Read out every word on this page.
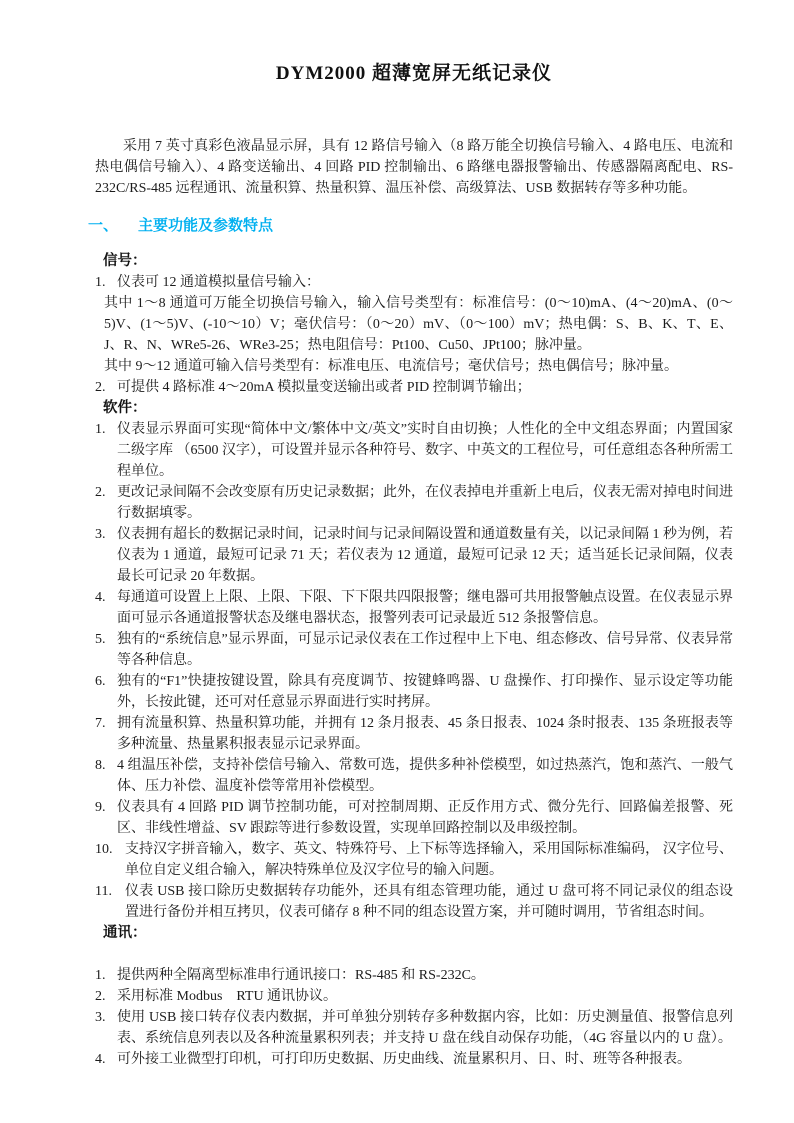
DYM2000 超薄宽屏无纸记录仪

采用 7 英寸真彩色液晶显示屏，具有 12 路信号输入（8 路万能全切换信号输入、4 路电压、电流和热电偶信号输入）、4 路变送输出、4 回路 PID 控制输出、6 路继电器报警输出、传感器隔离配电、RS-232C/RS-485 远程通讯、流量积算、热量积算、温压补偿、高级算法、USB 数据转存等多种功能。

一、 主要功能及参数特点
信号：
1. 仪表可 12 通道模拟量信号输入：

其中 1～8 通道可万能全切换信号输入，输入信号类型有：标准信号：(0～10)mA、(4～20)mA、(0～5)V、(1～5)V、(-10～10）V；毫伏信号：（0～20）mV、（0～100）mV；热电偶：S、B、K、T、E、J、R、N、WRe5-26、WRe3-25；热电阻信号：Pt100、Cu50、JPt100；脉冲量。

其中 9～12 通道可输入信号类型有：标准电压、电流信号；毫伏信号；热电偶信号；脉冲量。

2. 可提供 4 路标准 4～20mA 模拟量变送输出或者 PID 控制调节输出；
软件：
1. 仪表显示界面可实现“简体中文/繁体中文/英文”实时自由切换；人性化的全中文组态界面；内置国家二级字库 （6500 汉字），可设置并显示各种符号、数字、中英文的工程位号，可任意组态各种所需工程单位。
2. 更改记录间隔不会改变原有历史记录数据；此外，在仪表掉电并重新上电后，仪表无需对掉电时间进行数据填零。
3. 仪表拥有超长的数据记录时间，记录时间与记录间隔设置和通道数量有关，以记录间隔 1 秒为例，若仪表为 1 通道，最短可记录 71 天；若仪表为 12 通道，最短可记录 12 天；适当延长记录间隔，仪表最长可记录 20 年数据。
4. 每通道可设置上上限、上限、下限、下下限共四限报警；继电器可共用报警触点设置。在仪表显示界面可显示各通道报警状态及继电器状态，报警列表可记录最近 512 条报警信息。
5. 独有的“系统信息”显示界面，可显示记录仪表在工作过程中上下电、组态修改、信号异常、仪表异常等各种信息。
6. 独有的“F1”快捷按键设置，除具有亮度调节、按键蜂鸣器、U 盘操作、打印操作、显示设定等功能外，长按此键，还可对任意显示界面进行实时拷屏。
7. 拥有流量积算、热量积算功能，并拥有 12 条月报表、45 条日报表、1024 条时报表、135 条班报表等多种流量、热量累积报表显示记录界面。
8. 4 组温压补偿，支持补偿信号输入、常数可选，提供多种补偿模型，如过热蒸汽，饱和蒸汽、一般气体、压力补偿、温度补偿等常用补偿模型。
9. 仪表具有 4 回路 PID 调节控制功能，可对控制周期、正反作用方式、微分先行、回路偏差报警、死区、非线性增益、SV 跟踪等进行参数设置，实现单回路控制以及串级控制。
10. 支持汉字拼音输入，数字、英文、特殊符号、上下标等选择输入，采用国际标准编码， 汉字位号、单位自定义组合输入，解决特殊单位及汉字位号的输入问题。
11. 仪表 USB 接口除历史数据转存功能外，还具有组态管理功能，通过 U 盘可将不同记录仪的组态设置进行备份并相互拷贝，仪表可储存 8 种不同的组态设置方案，并可随时调用，节省组态时间。
通讯：
1. 提供两种全隔离型标准串行通讯接口：RS-485 和 RS-232C。
2. 采用标准 Modbus　RTU 通讯协议。
3. 使用 USB 接口转存仪表内数据，并可单独分别转存多种数据内容，比如：历史测量值、报警信息列表、系统信息列表以及各种流量累积列表；并支持 U 盘在线自动保存功能，（4G 容量以内的 U 盘）。
4. 可外接工业微型打印机，可打印历史数据、历史曲线、流量累积月、日、时、班等各种报表。
